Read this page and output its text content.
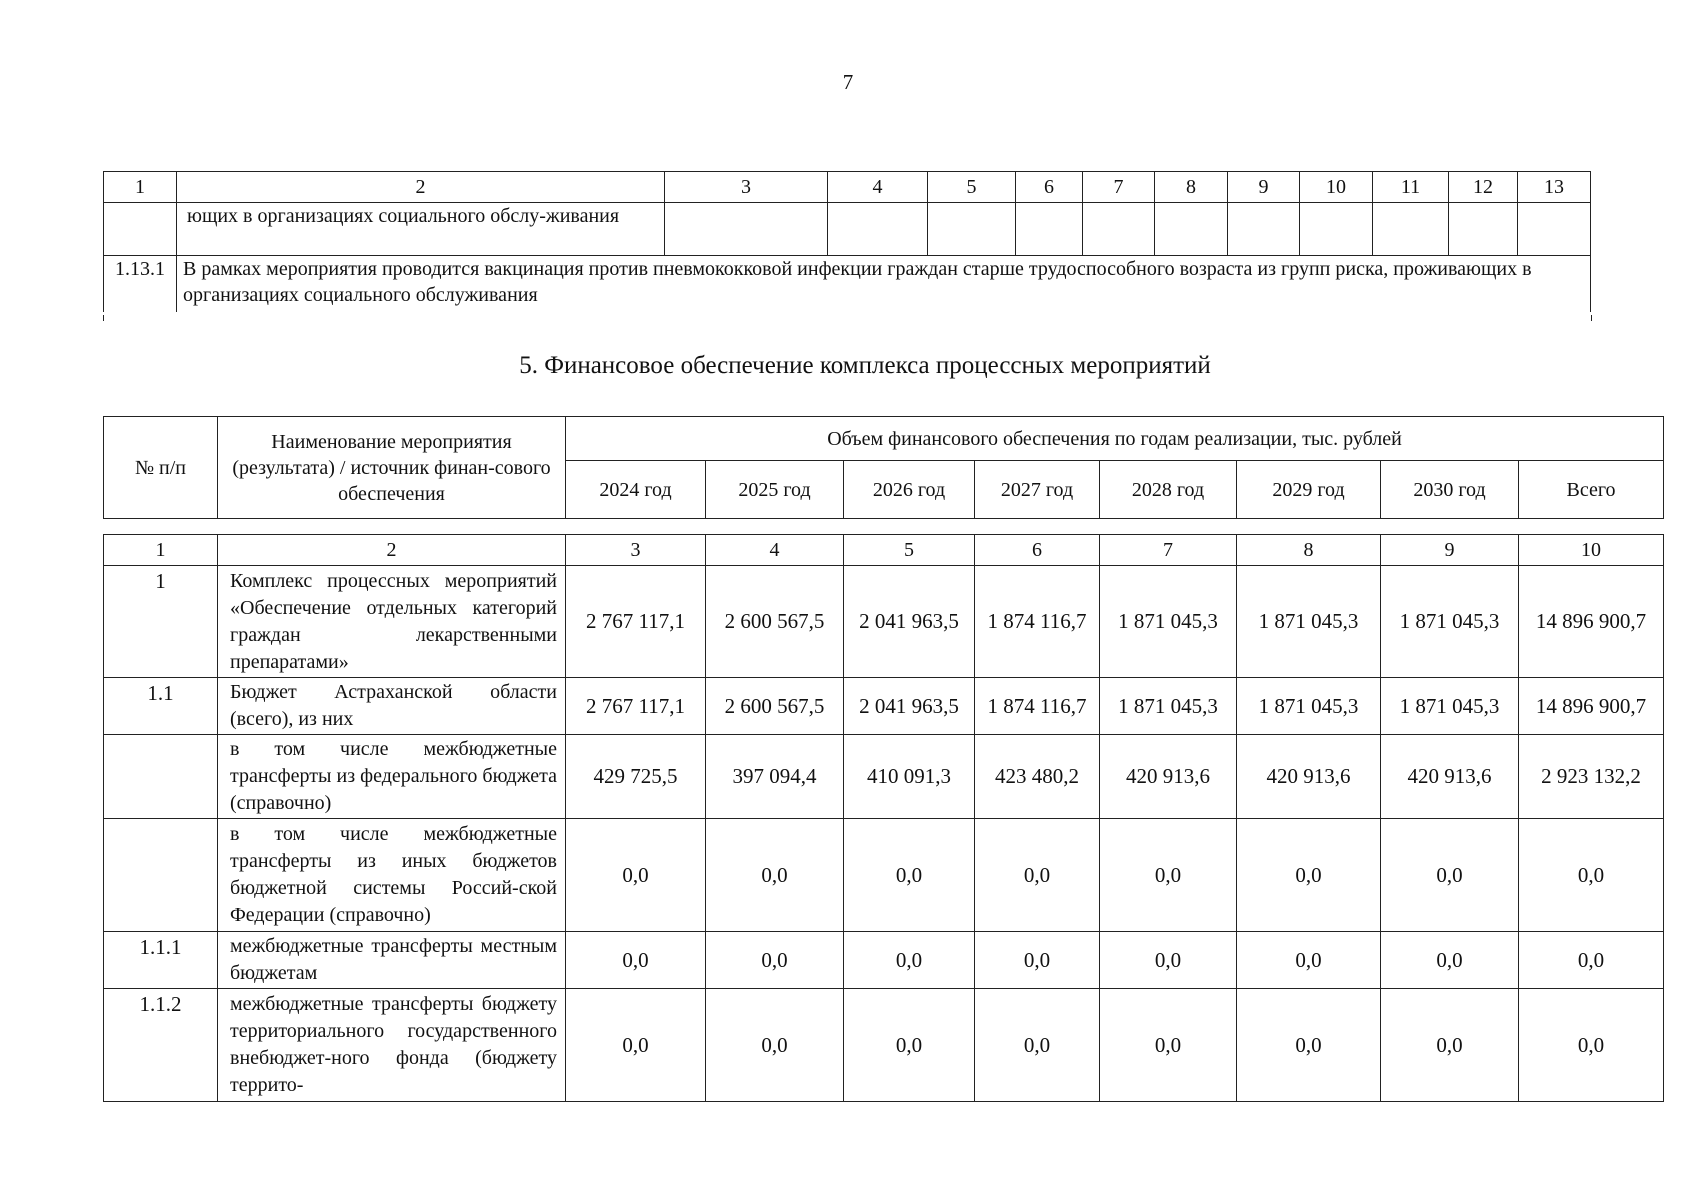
7
1	2	3	4	5	6	7	8	9	10	11	12	13
	ющих в организациях социального обслу-живания											
1.13.1	В рамках мероприятия проводится вакцинация против пневмококковой инфекции граждан старше трудоспособного возраста из групп риска, проживающих в организациях социального обслуживания											
5. Финансовое обеспечение комплекса процессных мероприятий
№ п/п	Наименование мероприятия (результата) / источник финан-сового обеспечения	Объем финансового обеспечения по годам реализации, тыс. рублей							
		2024 год	2025 год	2026 год	2027 год	2028 год	2029 год	2030 год	Всего
1	2	3	4	5	6	7	8	9	10
1	Комплекс процессных мероприятий «Обеспечение отдельных категорий граждан лекарственными препаратами»	2 767 117,1	2 600 567,5	2 041 963,5	1 874 116,7	1 871 045,3	1 871 045,3	1 871 045,3	14 896 900,7
1.1	Бюджет Астраханской области (всего), из них	2 767 117,1	2 600 567,5	2 041 963,5	1 874 116,7	1 871 045,3	1 871 045,3	1 871 045,3	14 896 900,7
	в том числе межбюджетные трансферты из федерального бюджета (справочно)	429 725,5	397 094,4	410 091,3	423 480,2	420 913,6	420 913,6	420 913,6	2 923 132,2
	в том числе межбюджетные трансферты из иных бюджетов бюджетной системы Россий-ской Федерации (справочно)	0,0	0,0	0,0	0,0	0,0	0,0	0,0	0,0
1.1.1	межбюджетные трансферты местным бюджетам	0,0	0,0	0,0	0,0	0,0	0,0	0,0	0,0
1.1.2	межбюджетные трансферты бюджету территориального государственного внебюджет-ного фонда (бюджету террито-	0,0	0,0	0,0	0,0	0,0	0,0	0,0	0,0
